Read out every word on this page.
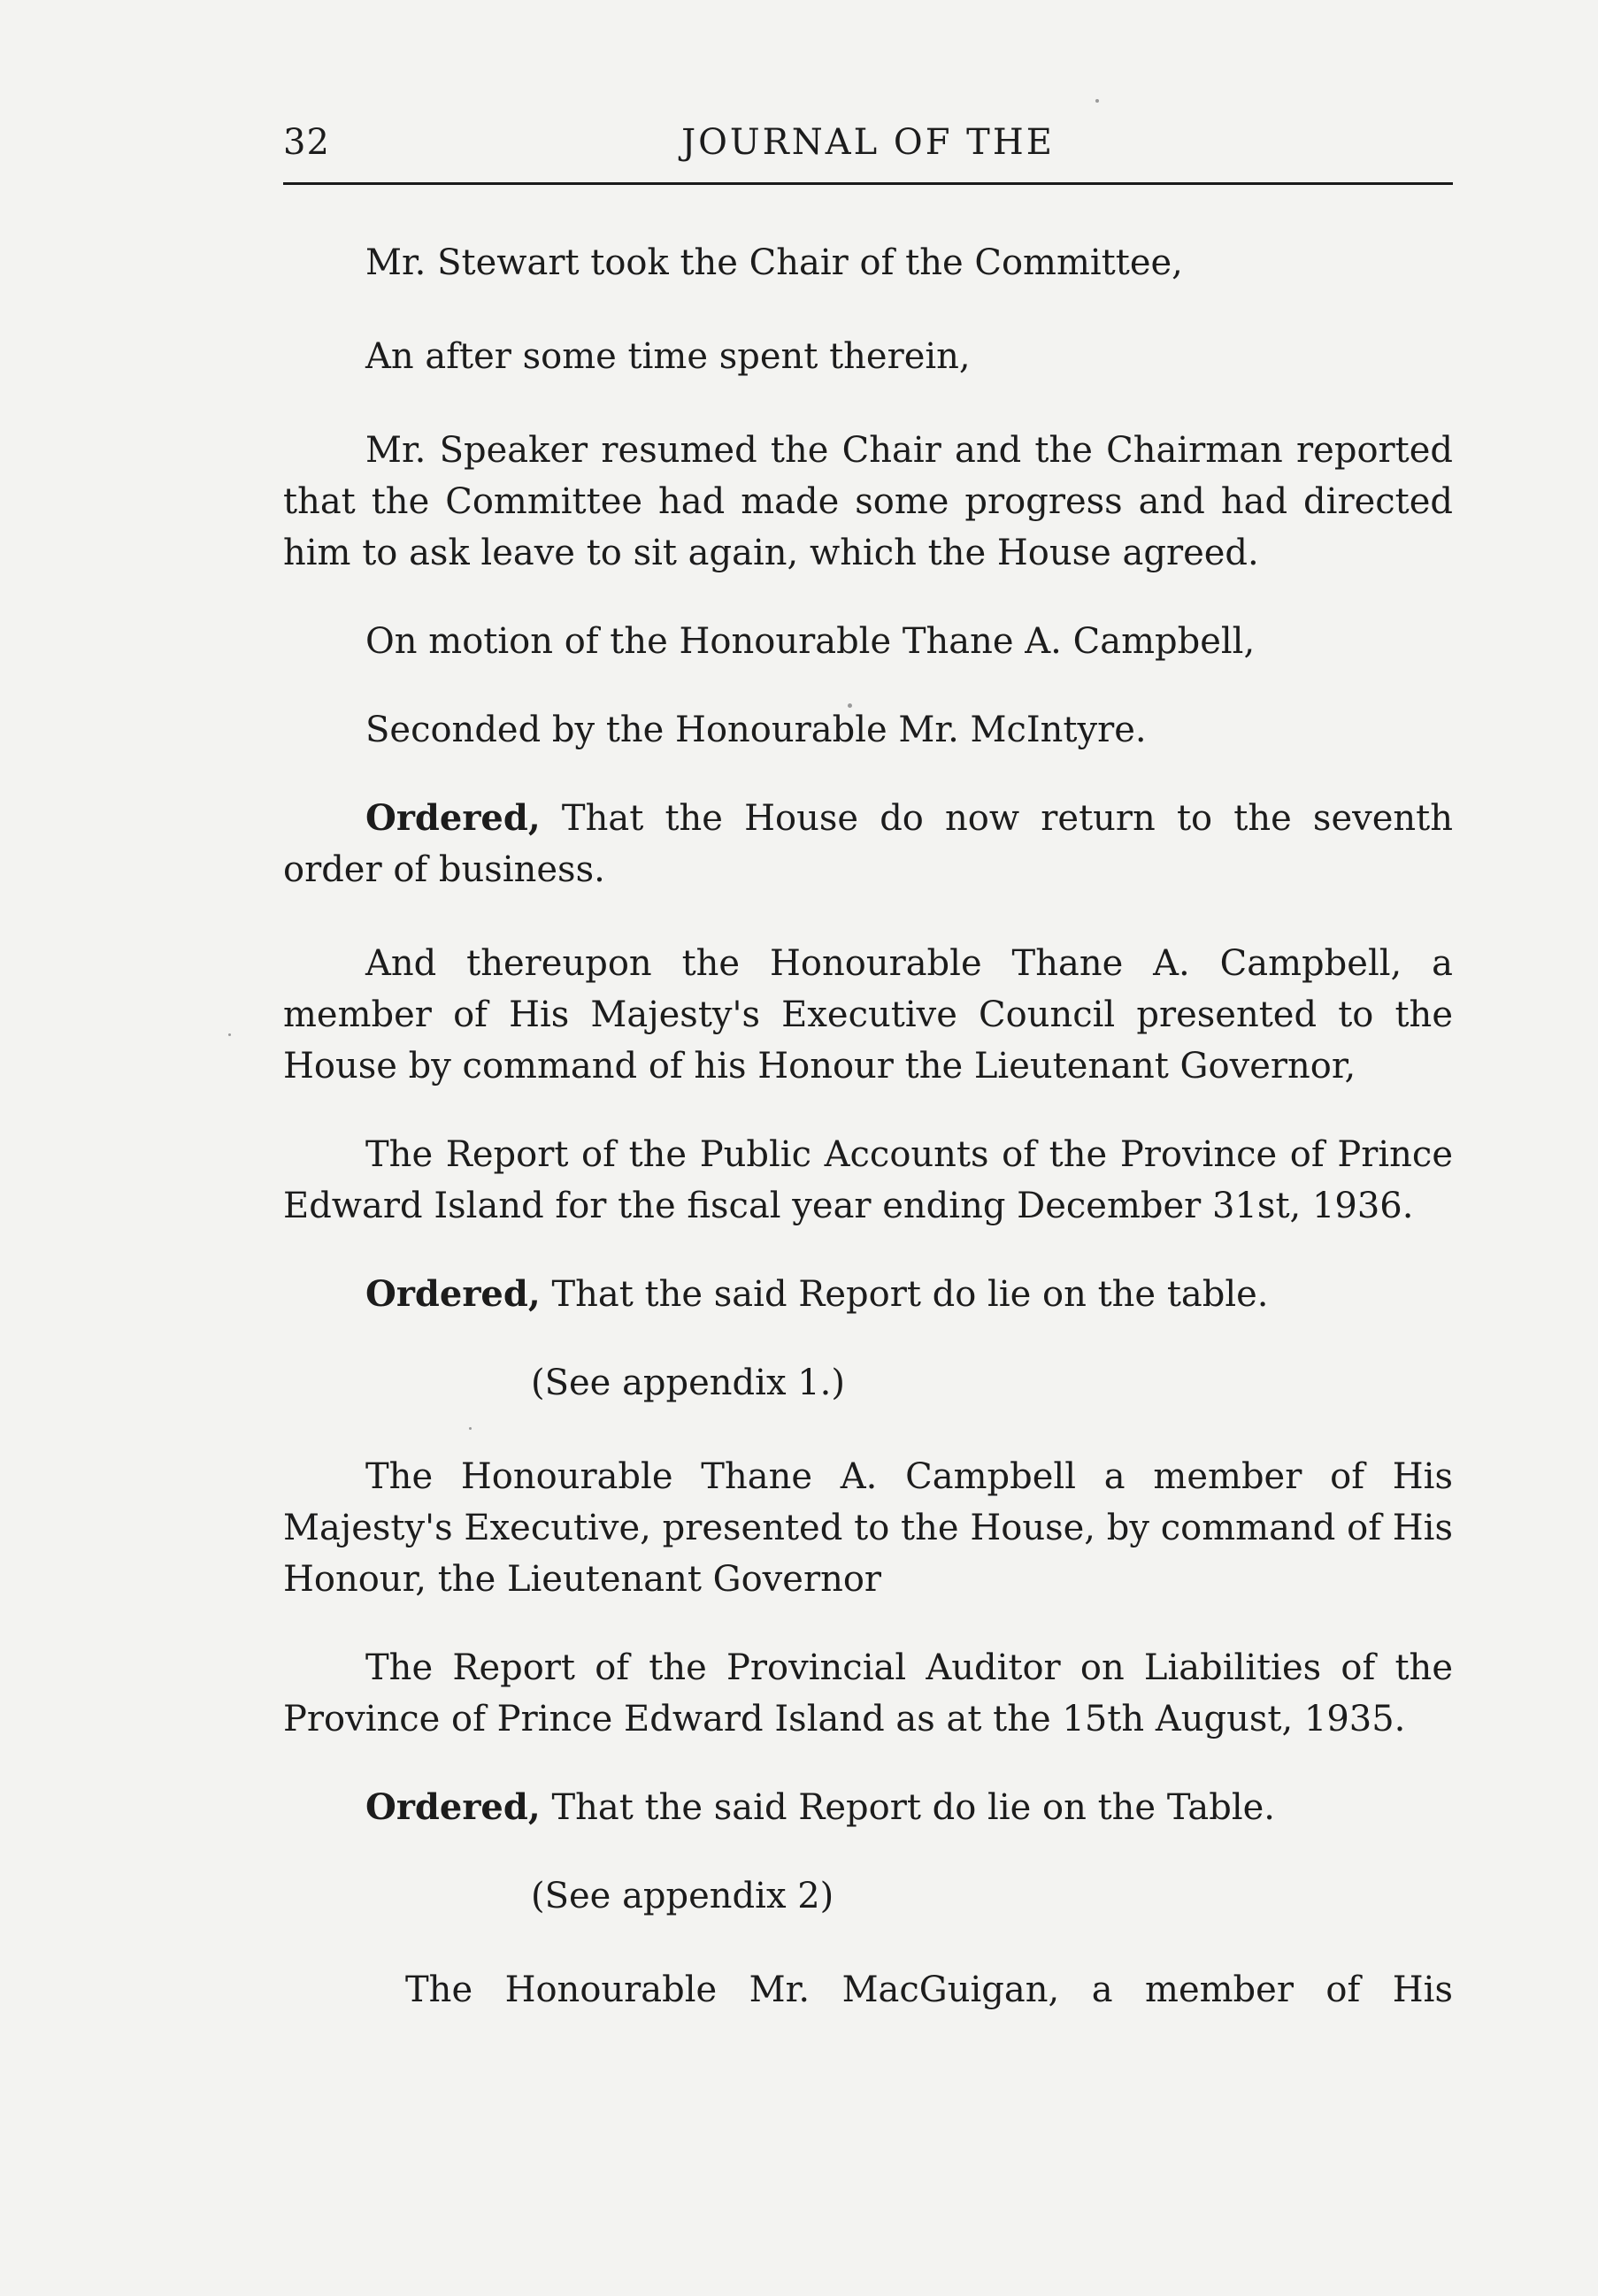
32	JOURNAL OF THE

Mr. Stewart took the Chair of the Committee,

An after some time spent therein,

Mr. Speaker resumed the Chair and the Chairman reported that the Committee had made some progress and had directed him to ask leave to sit again, which the House agreed.

On motion of the Honourable Thane A. Campbell,

Seconded by the Honourable Mr. McIntyre.

Ordered, That the House do now return to the seventh order of business.

And thereupon the Honourable Thane A. Campbell, a member of His Majesty's Executive Council presented to the House by command of his Honour the Lieutenant Governor,

The Report of the Public Accounts of the Province of Prince Edward Island for the fiscal year ending December 31st, 1936.

Ordered, That the said Report do lie on the table.

(See appendix 1.)

The Honourable Thane A. Campbell a member of His Majesty's Executive, presented to the House, by command of His Honour, the Lieutenant Governor

The Report of the Provincial Auditor on Liabilities of the Province of Prince Edward Island as at the 15th August, 1935.

Ordered, That the said Report do lie on the Table.

(See appendix 2)

The Honourable Mr. MacGuigan, a member of His
